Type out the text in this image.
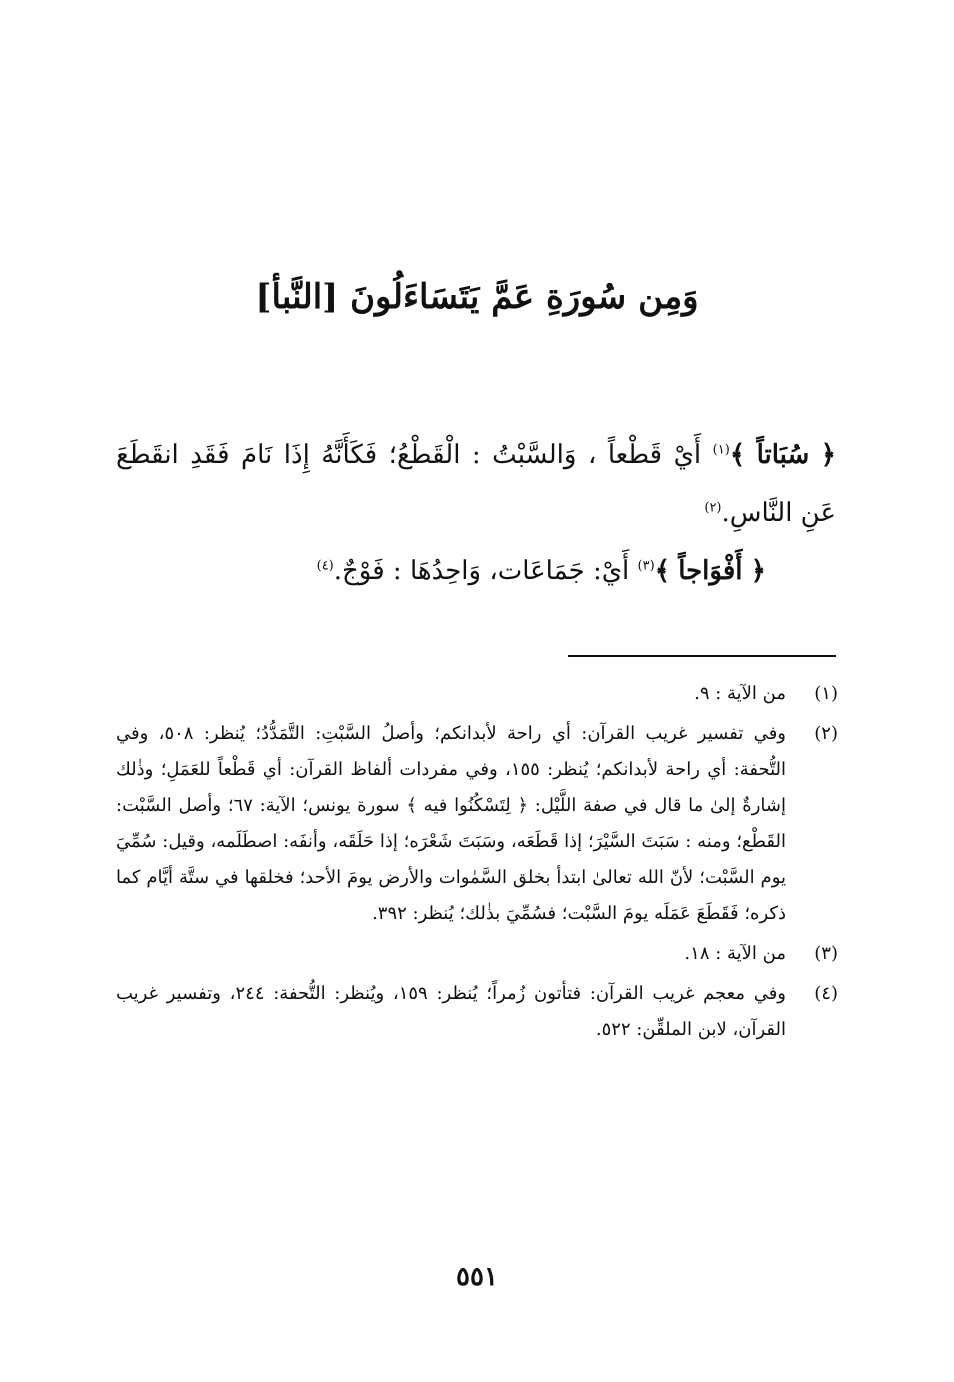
وَمِن سُورَةِ عَمَّ يَتَسَاءَلُونَ [النَّبأ]

﴿ سُبَاتاً ﴾$^{(١)}$ أَيْ قَطْعاً ، وَالسَّبْتُ : الْقَطْعُ؛ فَكَأَنَّهُ إِذَا نَامَ فَقَدِ انقَطَعَ عَنِ النَّاسِ.$^{(٢)}$

﴿ أَفْوَاجاً ﴾$^{(٣)}$ أَيْ: جَمَاعَات، وَاحِدُهَا : فَوْجٌ.$^{(٤)}$

(١)
من الآية : ٩.
(٢)
وفي تفسير غريب القرآن: أي راحة لأبدانكم؛ وأصلُ السَّبْتِ: التَّمَدُّدُ؛ يُنظر: ٥٠٨، وفي التُّحفة: أي راحة لأبدانكم؛ يُنظر: ١٥٥، وفي مفردات ألفاظ القرآن: أي قَطْعاً للعَمَلِ؛ وذٰلك إشارةٌ إلىٰ ما قال في صفة اللَّيْل: ﴿ لِتَسْكُنُوا فيه ﴾ سورة يونس؛ الآية: ٦٧؛ وأصل السَّبْت: القَطْع؛ ومنه : سَبَتَ السَّيْرَ؛ إذا قَطَعَه، وسَبَتَ شَعْرَه؛ إذا حَلَقَه، وأنفَه: اصطَلَمه، وقيل: سُمِّيَ يوم السَّبْت؛ لأنّ الله تعالىٰ ابتدأ بخلق السَّمٰوات والأرض يومَ الأحد؛ فخلقها في ستَّة أيَّام كما ذكره؛ فَقَطَعَ عَمَلَه يومَ السَّبْت؛ فسُمِّيَ بذٰلك؛ يُنظر: ٣٩٢.
(٣)
من الآية : ١٨.
(٤)
وفي معجم غريب القرآن: فتأتون زُمراً؛ يُنظر: ١٥٩، ويُنظر: التُّحفة: ٢٤٤، وتفسير غريب القرآن، لابن الملقِّن: ٥٢٢.
٥٥١
